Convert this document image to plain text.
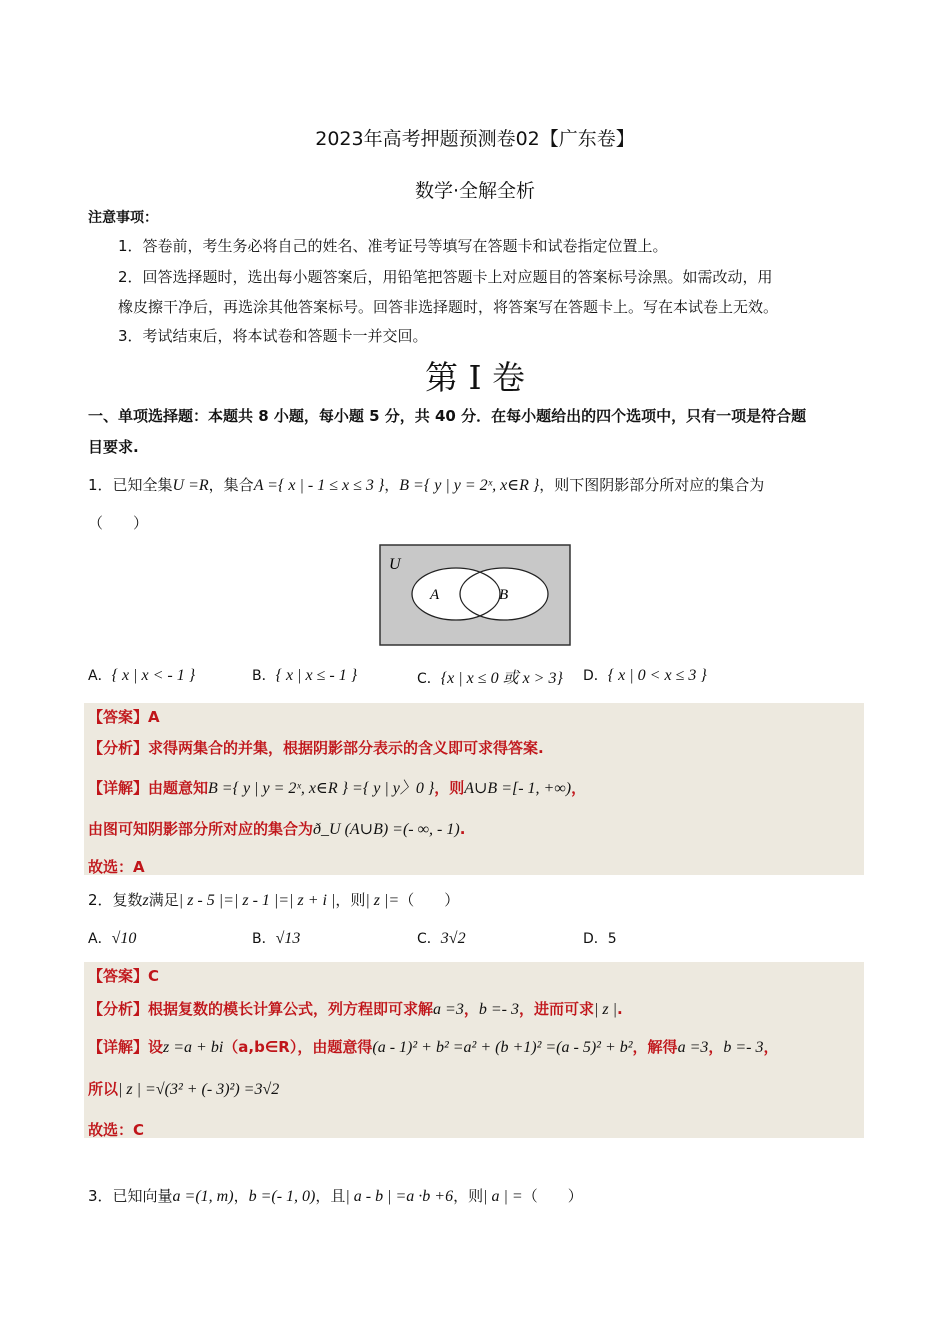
2023年高考押题预测卷02【广东卷】
数学·全解全析
注意事项：
1．答卷前，考生务必将自己的姓名、准考证号等填写在答题卡和试卷指定位置上。
2．回答选择题时，选出每小题答案后，用铅笔把答题卡上对应题目的答案标号涂黑。如需改动，用
橡皮擦干净后，再选涂其他答案标号。回答非选择题时，将答案写在答题卡上。写在本试卷上无效。
3．考试结束后，将本试卷和答题卡一并交回。
第 I 卷
一、单项选择题：本题共 8 小题，每小题 5 分，共 40 分．在每小题给出的四个选项中，只有一项是符合题
目要求.
1．已知全集U =R，集合A ={ x | - 1 ≤ x ≤ 3 }，B ={ y | y = 2ˣ, x∈R }，则下图阴影部分所对应的集合为
（　　）
U
A	B
A．{ x | x < - 1 }	B．{ x | x ≤ - 1 }	C．{x | x ≤ 0 或 x > 3} D．{ x | 0 < x ≤ 3 }
【答案】A
【分析】求得两集合的并集，根据阴影部分表示的含义即可求得答案.
【详解】由题意知B ={ y | y = 2ˣ, x∈R } ={ y | y〉0 }，则A∪B =[- 1, +∞)，
由图可知阴影部分所对应的集合为ð_U (A∪B) =(- ∞, - 1).
故选：A
2．复数z满足| z - 5 |=| z - 1 |=| z + i |，则| z |=（　　）
A．√10	B．√13	C．3√2	D．5
【答案】C
【分析】根据复数的模长计算公式，列方程即可求解a =3，b =- 3，进而可求| z |.
【详解】设z =a + bi（a,b∈R），由题意得(a - 1)² + b² =a² + (b +1)² =(a - 5)² + b²，解得a =3，b =- 3，
所以| z | =√(3² + (- 3)²) =3√2
故选：C
3．已知向量a =(1, m)，b =(- 1, 0)，且| a - b | =a ·b +6，则| a | =（　　）
